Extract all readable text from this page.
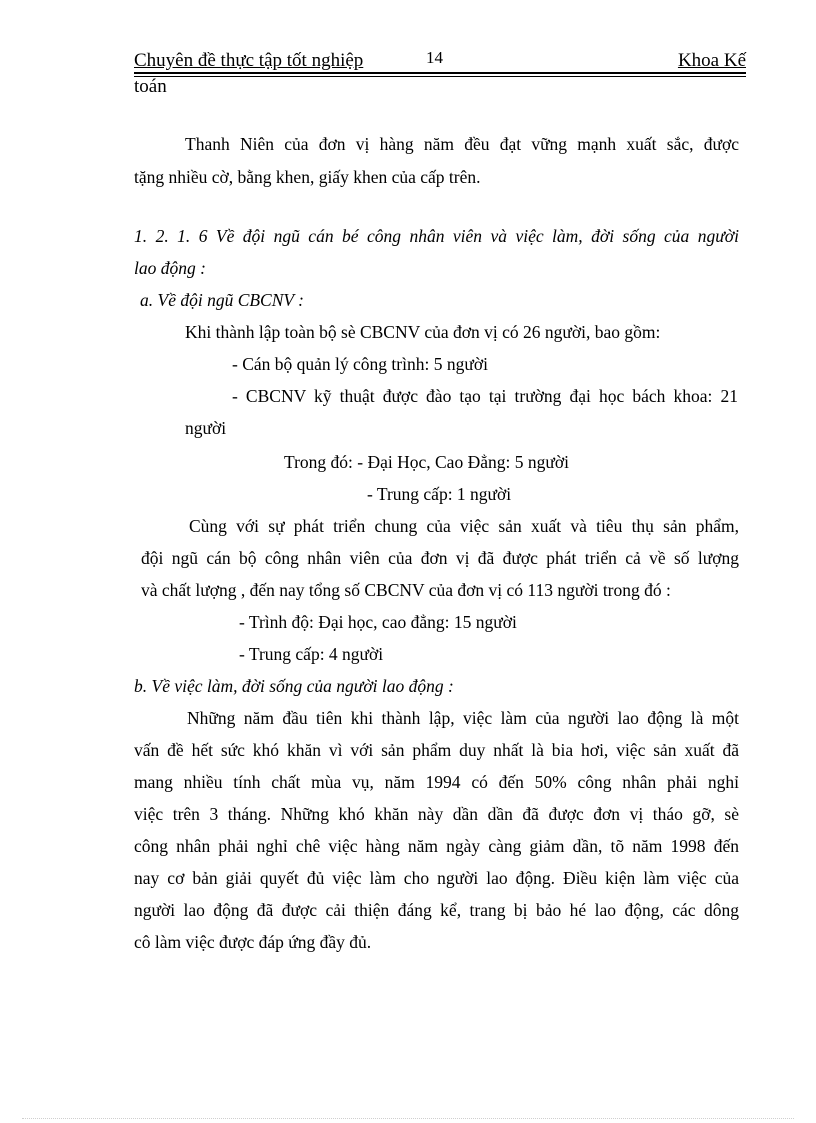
Chuyên đề thực tập tốt nghiệp	14	Khoa Kế
toán
Thanh Niên của đơn vị hàng năm đều đạt vững mạnh xuất sắc, được
tặng nhiều cờ, bằng khen, giấy khen của cấp trên.
1. 2. 1. 6 Về đội ngũ cán bé công nhân viên và việc làm, đời sống của người
lao động :
a. Về đội ngũ CBCNV :
Khi thành lập toàn bộ sè CBCNV của đơn vị có 26 người, bao gồm:
- Cán bộ quản lý công trình: 5 người
- CBCNV kỹ thuật được đào tạo tại trường đại học bách khoa: 21
người
Trong đó: - Đại Học, Cao Đẳng: 5 người
- Trung cấp: 1 người
Cùng với sự phát triển chung của việc sản xuất và tiêu thụ sản phẩm,
đội ngũ cán bộ công nhân viên của đơn vị đã được phát triển cả về số lượng
và chất lượng , đến nay tổng số CBCNV của đơn vị có 113 người trong đó :
- Trình độ: Đại học, cao đẳng: 15 người
- Trung cấp: 4 người
b. Về việc làm, đời sống của người lao động :
Những năm đầu tiên khi thành lập, việc làm của người lao động là một
vấn đề hết sức khó khăn vì với sản phẩm duy nhất là bia hơi, việc sản xuất đã
mang nhiều tính chất mùa vụ, năm 1994 có đến 50% công nhân phải nghỉ
việc trên 3 tháng. Những khó khăn này dần dần đã được đơn vị tháo gỡ, sè
công nhân phải nghỉ chê việc hàng năm ngày càng giảm dần, tõ năm 1998 đến
nay cơ bản giải quyết đủ việc làm cho người lao động. Điều kiện làm việc của
người lao động đã được cải thiện đáng kể, trang bị bảo hé lao động, các dông
cô làm việc được đáp ứng đầy đủ.
